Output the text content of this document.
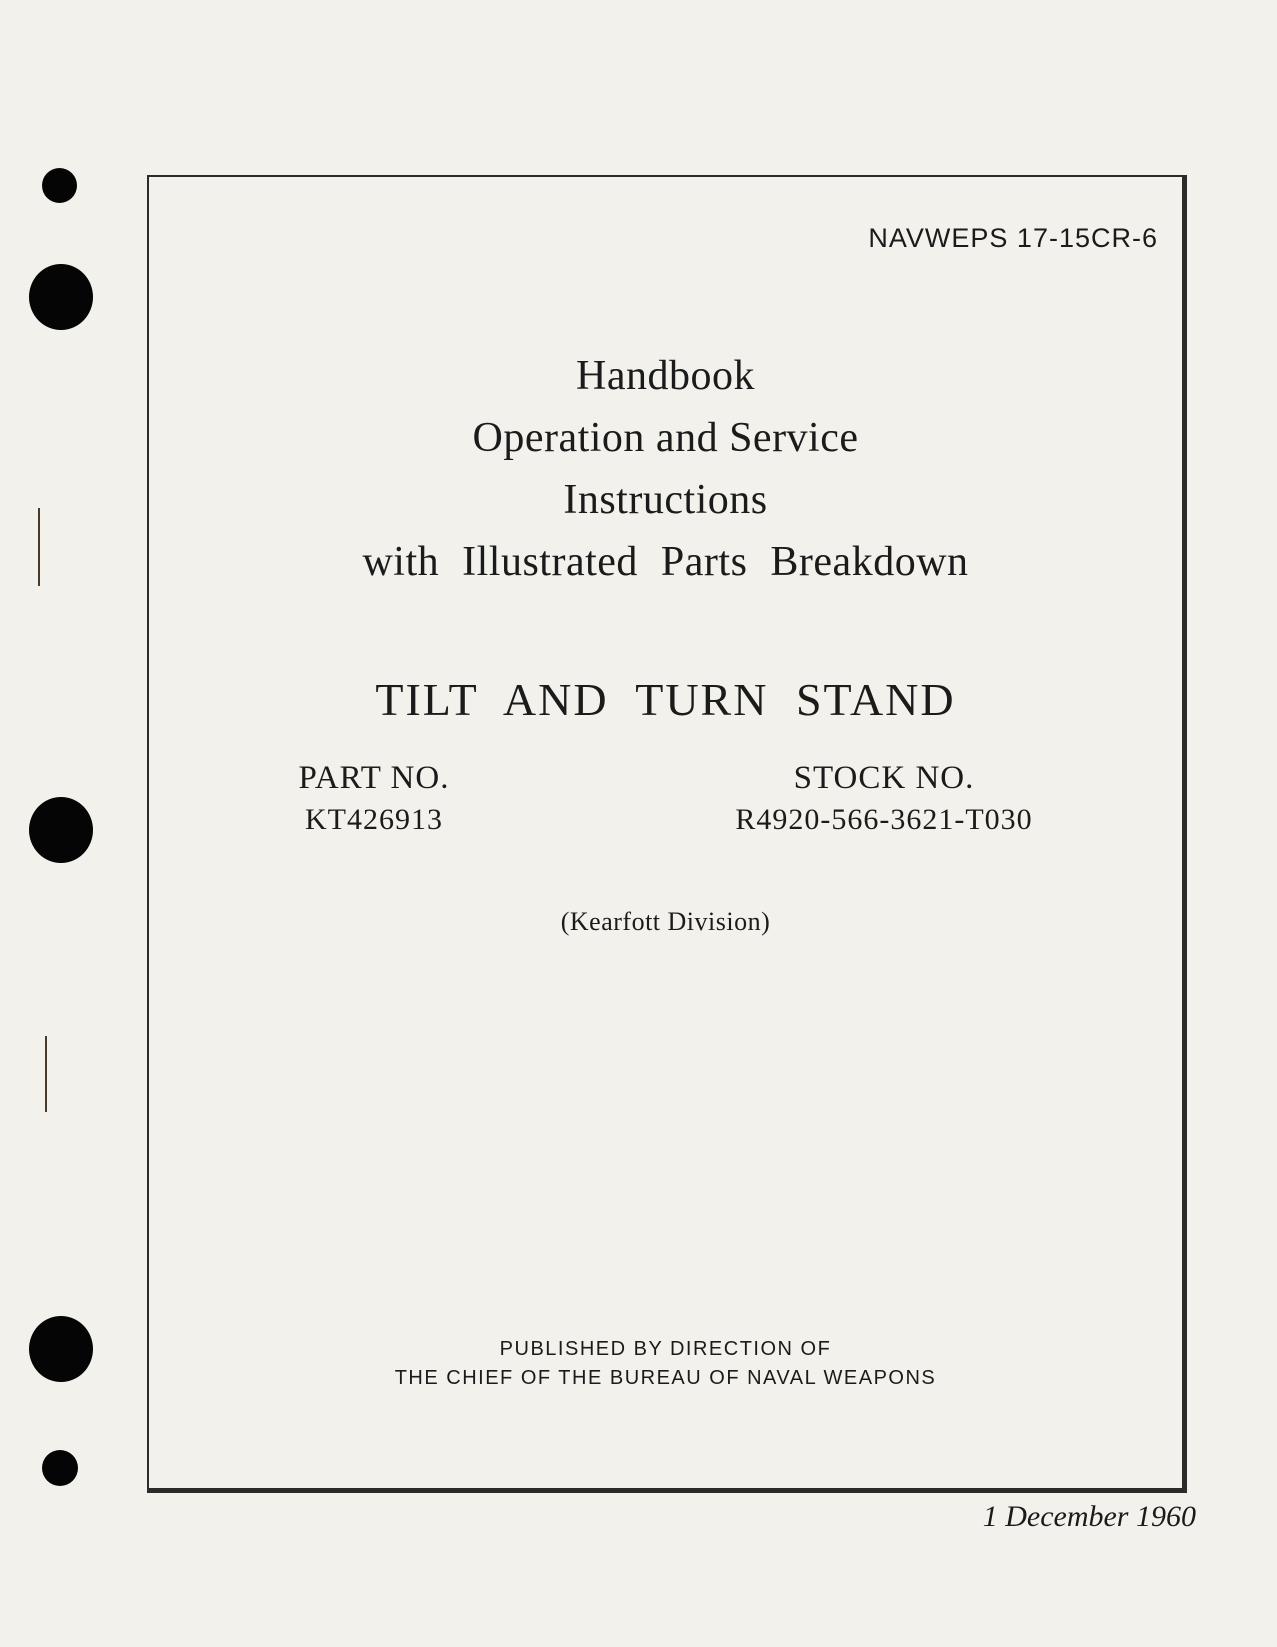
NAVWEPS 17-15CR-6
Handbook
Operation and Service
Instructions
with Illustrated Parts Breakdown
TILT AND TURN STAND
PART NO.
KT426913
STOCK NO.
R4920-566-3621-T030
(Kearfott Division)
PUBLISHED BY DIRECTION OF
THE CHIEF OF THE BUREAU OF NAVAL WEAPONS
1 December 1960
